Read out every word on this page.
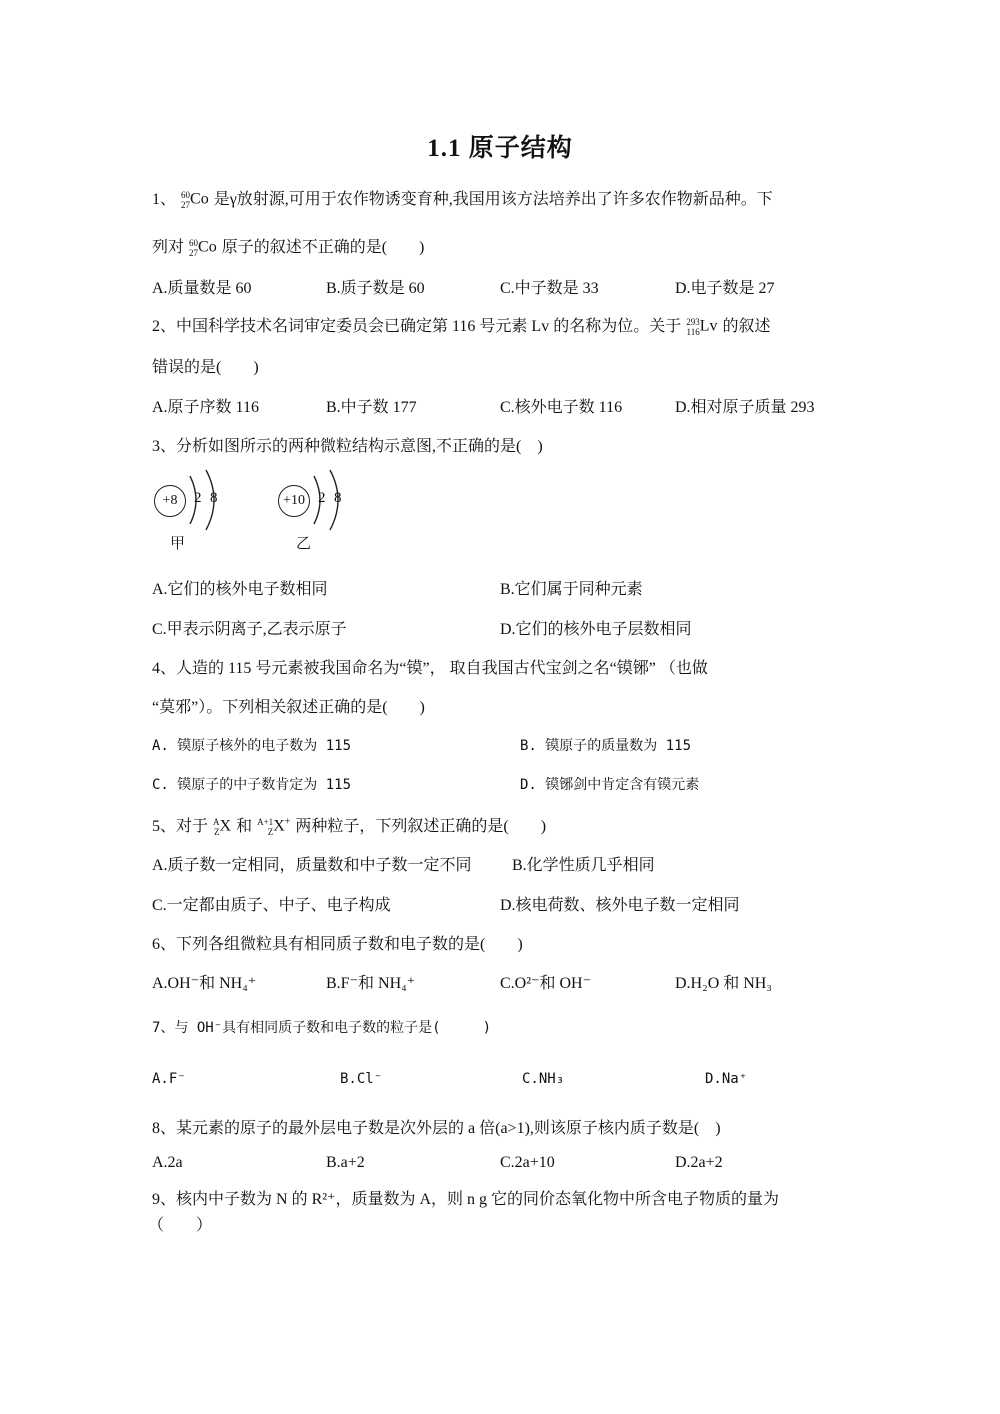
1.1 原子结构
1、 60
27 Co 是γ放射源,可用于农作物诱变育种,我国用该方法培养出了许多农作物新品种。下
列对 60
27 Co 原子的叙述不正确的是(　　)
A.质量数是 60	B.质子数是 60	C.中子数是 33	D.电子数是 27
2、中国科学技术名词审定委员会已确定第 116 号元素 Lv 的名称为位。关于 293
116 Lv 的叙述
错误的是(　　)
A.原子序数 116	B.中子数 177	C.核外电子数 116	D.相对原子质量 293
3、分析如图所示的两种微粒结构示意图,不正确的是(　)
+8	2 8
甲
+10 2 8
乙
A.它们的核外电子数相同	B.它们属于同种元素
C.甲表示阴离子,乙表示原子	D.它们的核外电子层数相同
4、人造的 115 号元素被我国命名为“镆”， 取自我国古代宝剑之名“镆铘” （也做
“莫邪”）。下列相关叙述正确的是(　　)
A. 镆原子核外的电子数为 115	B. 镆原子的质量数为 115
C. 镆原子的中子数肯定为 115	D. 镆铘剑中肯定含有镆元素
5、对于 A
Z X 和 A+1
Z X+ 两种粒子，下列叙述正确的是(　　)
A.质子数一定相同，质量数和中子数一定不同	B.化学性质几乎相同
C.一定都由质子、中子、电子构成	D.核电荷数、核外电子数一定相同
6、下列各组微粒具有相同质子数和电子数的是(　　)
A.OH⁻和 NH₄⁺	B.F⁻和 NH₄⁺	C.O²⁻和 OH⁻	D.H₂O 和 NH₃
7、与 OH⁻具有相同质子数和电子数的粒子是(　　　)
A.F⁻	B.Cl⁻	C.NH₃	D.Na⁺
8、某元素的原子的最外层电子数是次外层的 a 倍(a>1),则该原子核内质子数是(　)
A.2a	B.a+2	C.2a+10	D.2a+2
9、核内中子数为 N 的 R²⁺，质量数为 A，则 n g 它的同价态氧化物中所含电子物质的量为
（　　）
